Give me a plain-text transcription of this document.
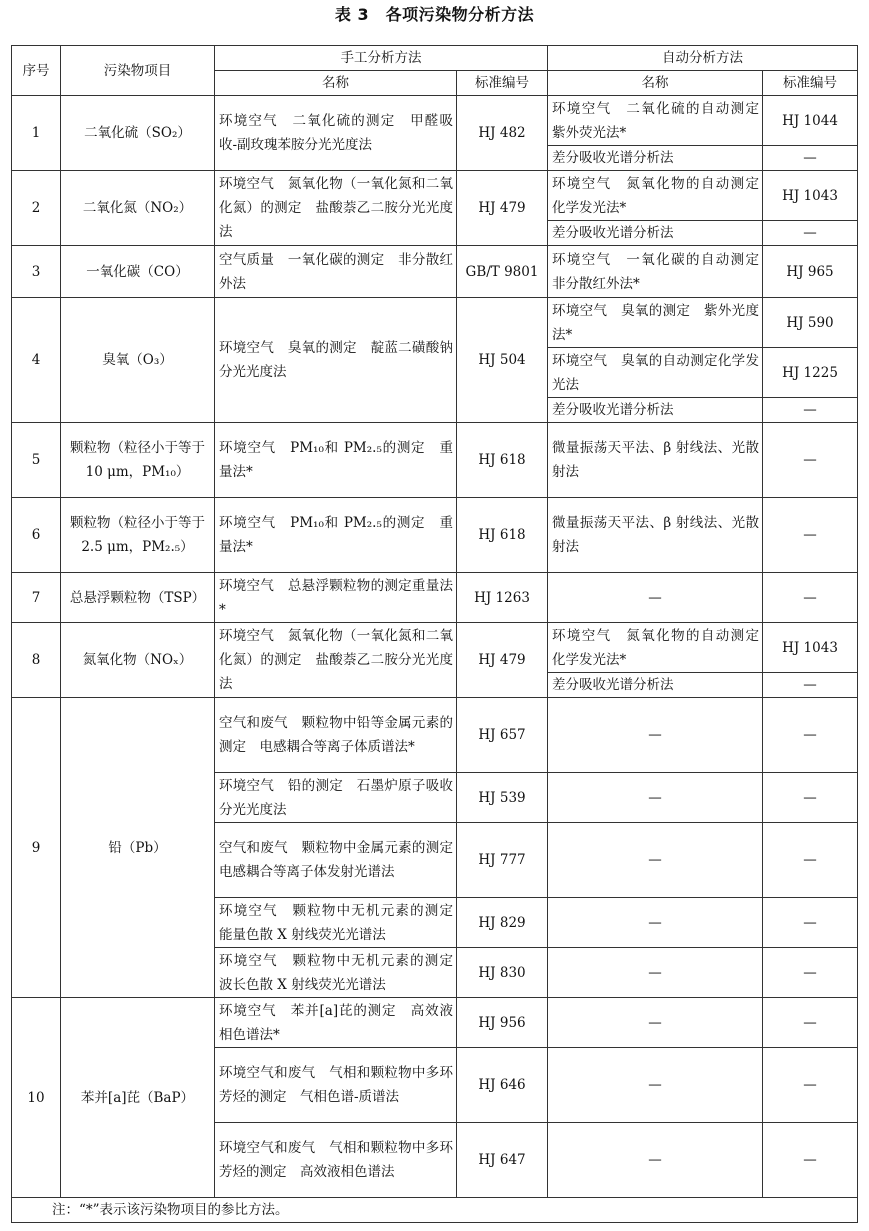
表 3　各项污染物分析方法
序号	污染物项目	手工分析方法		自动分析方法	
		名称	标准编号	名称	标准编号
1	二氧化硫（SO₂）	环境空气　二氧化硫的测定　甲醛吸收-副玫瑰苯胺分光光度法	HJ 482	环境空气　二氧化硫的自动测定　紫外荧光法*	HJ 1044
				差分吸收光谱分析法	—
2	二氧化氮（NO₂）	环境空气　氮氧化物（一氧化氮和二氧化氮）的测定　盐酸萘乙二胺分光光度法	HJ 479	环境空气　氮氧化物的自动测定　化学发光法*	HJ 1043
				差分吸收光谱分析法	—
3	一氧化碳（CO）	空气质量　一氧化碳的测定　非分散红外法	GB/T 9801	环境空气　一氧化碳的自动测定　非分散红外法*	HJ 965
4	臭氧（O₃）	环境空气　臭氧的测定　靛蓝二磺酸钠分光光度法	HJ 504	环境空气　臭氧的测定　紫外光度法*	HJ 590
				环境空气　臭氧的自动测定化学发光法	HJ 1225
				差分吸收光谱分析法	—
5	颗粒物（粒径小于等于 10 μm，PM₁₀）	环境空气　PM₁₀和 PM₂.₅的测定　重量法*	HJ 618	微量振荡天平法、β 射线法、光散射法	—
6	颗粒物（粒径小于等于 2.5 μm，PM₂.₅）	环境空气　PM₁₀和 PM₂.₅的测定　重量法*	HJ 618	微量振荡天平法、β 射线法、光散射法	—
7	总悬浮颗粒物（TSP）	环境空气　总悬浮颗粒物的测定重量法*	HJ 1263	—	—
8	氮氧化物（NOₓ）	环境空气　氮氧化物（一氧化氮和二氧化氮）的测定　盐酸萘乙二胺分光光度法	HJ 479	环境空气　氮氧化物的自动测定　化学发光法*	HJ 1043
				差分吸收光谱分析法	—
9	铅（Pb）	空气和废气　颗粒物中铅等金属元素的测定　电感耦合等离子体质谱法*	HJ 657	—	—
		环境空气　铅的测定　石墨炉原子吸收分光光度法	HJ 539	—	—
		空气和废气　颗粒物中金属元素的测定　电感耦合等离子体发射光谱法	HJ 777	—	—
		环境空气　颗粒物中无机元素的测定　能量色散 X 射线荧光光谱法	HJ 829	—	—
		环境空气　颗粒物中无机元素的测定　波长色散 X 射线荧光光谱法	HJ 830	—	—
10	苯并[a]芘（BaP）	环境空气　苯并[a]芘的测定　高效液相色谱法*	HJ 956	—	—
		环境空气和废气　气相和颗粒物中多环芳烃的测定　气相色谱-质谱法	HJ 646	—	—
		环境空气和废气　气相和颗粒物中多环芳烃的测定　高效液相色谱法	HJ 647	—	—
注：“*”表示该污染物项目的参比方法。					
